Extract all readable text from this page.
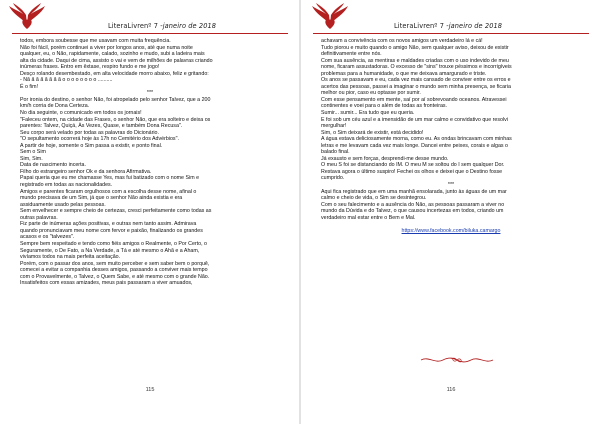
LiteraLivrenº 7 -janeiro de 2018

todos, embora soubesse que me usavam com muita frequência.

Não foi fácil, porém continuei a viver por longos anos, até que numa noite

qualquer, eu, o Não, rapidamente, calado, sozinho e mudo, subi a ladeira mais

alta da cidade. Daqui de cima, assisto o vai e vem de milhões de palavras criando

inúmeras frases. Entro em êxtase, respiro fundo e me jogo!

Desço rolando desembestado, em alta velocidade morro abaixo, feliz e gritando:

- Nã ã ã ã ã ã ã ã o o o o o o o o ..........

É o fim!

***

Por ironia do destino, o senhor Não, foi atropelado pelo senhor Talvez, que a 200

km/h corria de Dona Certeza.

No dia seguinte, o comunicado em todos os jornais!

"Faleceu ontem, na cidade das Frases, o senhor Não, que era solteiro e deixa os

parentes: Talvez, Quiçá, Às Vezes, Quase, e também Dona Recusa".

Seu corpo será velado por todas as palavras do Dicionário.

"O sepultamento ocorrerá hoje às 17h no Cemitério dos Advérbios".

A partir de hoje, somente o Sim passa a existir, e ponto final.

Sem o Sim

Sim, Sim.

Data de nascimento incerta.

Filho do estrangeiro senhor Ok e da senhora Afirmativa.

Papai queria que eu me chamasse Yes, mas fui batizado com o nome Sim e

registrado em todas as nacionalidades.

Amigos e parentes ficaram orgulhosos com a escolha desse nome, afinal o

mundo precisava de um Sim, já que o senhor Não ainda existia e era

assiduamente usado pelas pessoas.

Sem envelhecer e sempre cheio de certezas, cresci perfeitamente como todas as

outras palavras.

Fiz parte de inúmeras ações positivas, e outras nem tanto assim. Admirava

quando pronunciavam meu nome com fervor e paixão, finalizando os grandes

acasos e os "talvezes".

Sempre bem respeitado e tendo como fiéis amigos o Realmente, o Por Certo, o

Seguramente, o De Fato, a Na Verdade, a Tá e até mesmo o Ahã e a Aham,

vivíamos todos na mais perfeita aceitação.

Porém, com o passar dos anos, sem muito perceber e sem saber bem o porquê,

comecei a evitar a companhia desses amigos, passando a conviver mais tempo

com o Provavelmente, o Talvez, o Quem Sabe, e até mesmo com o grande Não.

Insatisfeitos com essas amizades, meus pais passaram a viver amuados,

115
LiteraLivrenº 7 -janeiro de 2018

achavam a convivência com os novos amigos um verdadeiro lá e cá!

Tudo piorou e muito quando o amigo Não, sem qualquer aviso, deixou de existir

definitivamente entre nós.

Com sua ausência, as mentiras e maldades criadas com o uso indevido de meu

nome, ficaram assustadoras. O excesso de "sins" trouxe péssimos e incorrigíveis

problemas para a humanidade, o que me deixava amargurado e triste.

Os anos se passavam e eu, cada vez mais cansado de conviver entre os erros e

acertos das pessoas, passei a imaginar o mundo sem minha presença, se ficaria

melhor ou pior, caso eu optasse por sumir.

Com esse pensamento em mente, saí por aí sobrevoando oceanos. Atravessei

continentes e voei para o além de todas as fronteiras.

Sumir... sumir... Era tudo que eu queria.

E foi sob um céu azul e a imensidão de um mar calmo e convidativo que resolvi

mergulhar!

Sim, o Sim deixará de existir, está decidido!

A água estava deliciosamente morna, como eu. As ondas brincavam com minhas

letras e me levavam cada vez mais longe. Dancei entre peixes, corais e algas o

balado final.

Já exausto e sem forças, desprendi-me desse mundo.

O meu S foi se distanciando do IM. O meu M se soltou do I sem qualquer Dor.

Restava agora o último suspiro! Fechei os olhos e deixei que o Destino fosse

cumprido.

***

Aqui fica registrado que em uma manhã ensolarada, junto às águas de um mar

calmo e cheio de vida, o Sim se desintegrou.

Com o seu falecimento e a ausência do Não, as pessoas passaram a viver no

mundo da Dúvida e do Talvez, o que causou incertezas em todos, criando um

verdadeiro mal estar entre o Bem e Mal.

https://www.facebook.com/biluka.camargo

116
